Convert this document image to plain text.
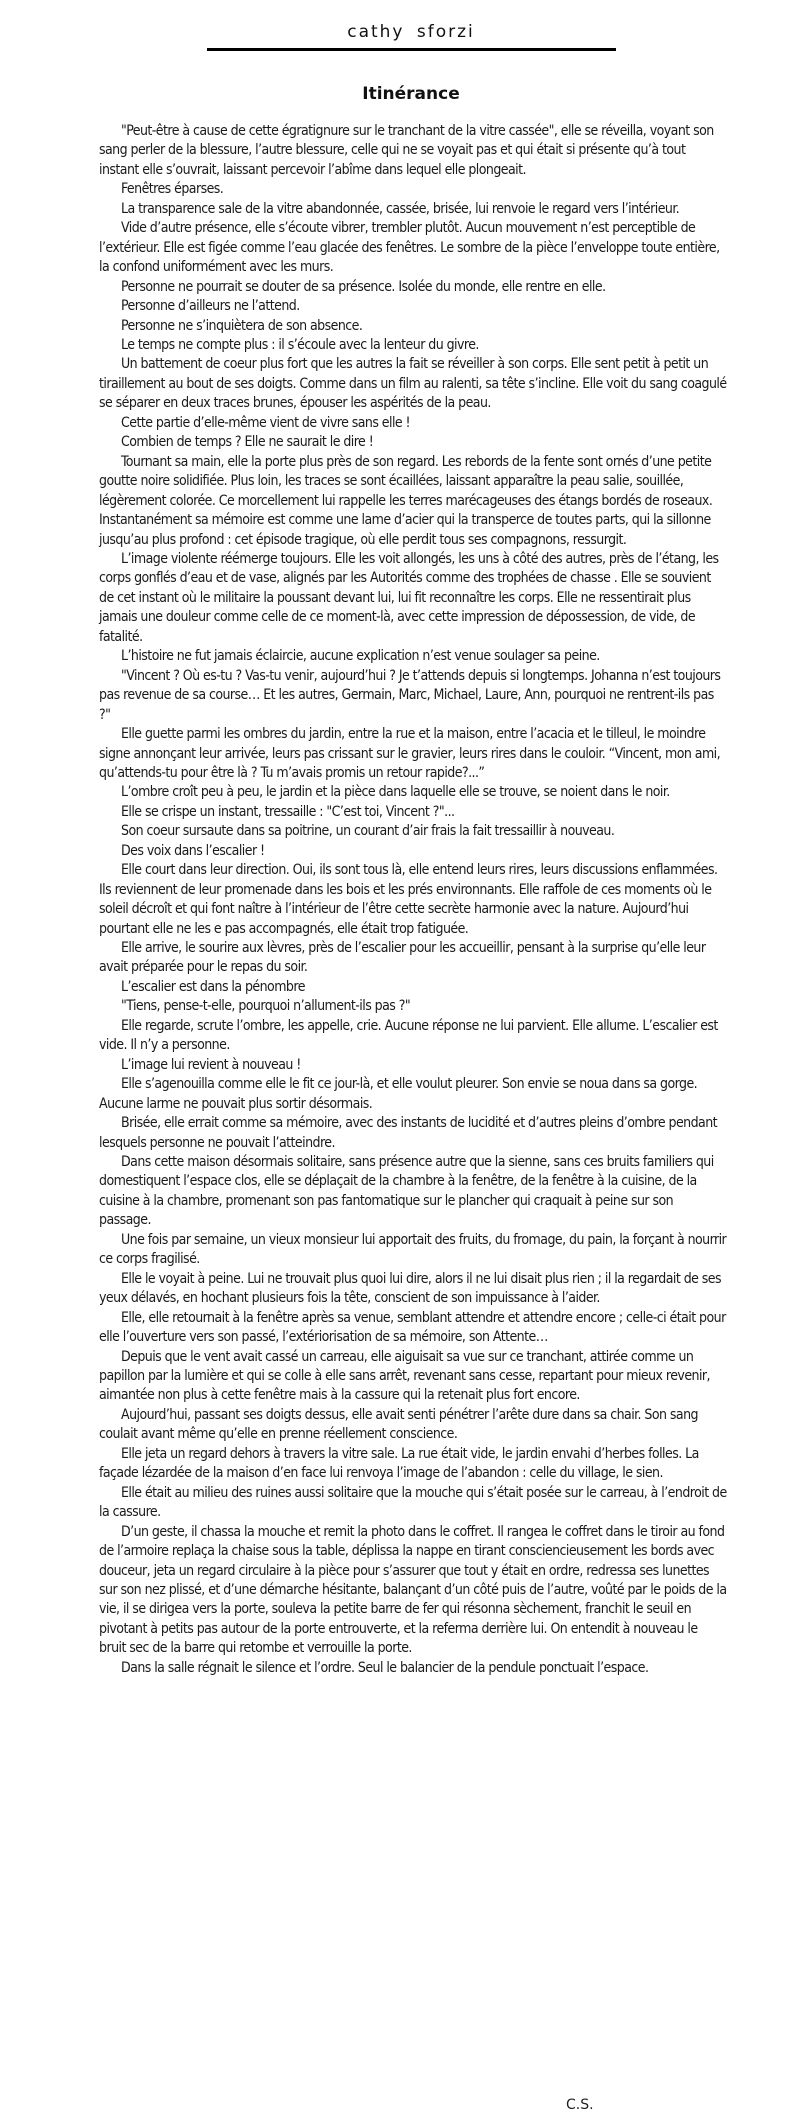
cathy sforzi
Itinérance

"Peut-être à cause de cette égratignure sur le tranchant de la vitre cassée", elle se réveilla, voyant son sang perler de la blessure, l’autre blessure, celle qui ne se voyait pas et qui était si présente qu’à tout instant elle s’ouvrait, laissant percevoir l’abîme dans lequel elle plongeait.

Fenêtres éparses.

La transparence sale de la vitre abandonnée, cassée, brisée, lui renvoie le regard vers l’intérieur.

Vide d’autre présence, elle s’écoute vibrer, trembler plutôt. Aucun mouvement n’est perceptible de l’extérieur. Elle est figée comme l’eau glacée des fenêtres. Le sombre de la pièce l’enveloppe toute entière, la confond uniformément avec les murs.

Personne ne pourrait se douter de sa présence. Isolée du monde, elle rentre en elle.

Personne d’ailleurs ne l’attend.

Personne ne s’inquiètera de son absence.

Le temps ne compte plus : il s’écoule avec la lenteur du givre.

Un battement de coeur plus fort que les autres la fait se réveiller à son corps. Elle sent petit à petit un tiraillement au bout de ses doigts. Comme dans un film au ralenti, sa tête s’incline. Elle voit du sang coagulé se séparer en deux traces brunes, épouser les aspérités de la peau.

Cette partie d’elle-même vient de vivre sans elle !

Combien de temps ? Elle ne saurait le dire !

Tournant sa main, elle la porte plus près de son regard. Les rebords de la fente sont ornés d’une petite goutte noire solidifiée. Plus loin, les traces se sont écaillées, laissant apparaître la peau salie, souillée, légèrement colorée. Ce morcellement lui rappelle les terres marécageuses des étangs bordés de roseaux. Instantanément sa mémoire est comme une lame d’acier qui la transperce de toutes parts, qui la sillonne jusqu’au plus profond : cet épisode tragique, où elle perdit tous ses compagnons, ressurgit.

L’image violente réémerge toujours. Elle les voit allongés, les uns à côté des autres, près de l’étang, les corps gonflés d’eau et de vase, alignés par les Autorités comme des trophées de chasse . Elle se souvient de cet instant où le militaire la poussant devant lui, lui fit reconnaître les corps. Elle ne ressentirait plus jamais une douleur comme celle de ce moment-là, avec cette impression de dépossession, de vide, de fatalité.

L’histoire ne fut jamais éclaircie, aucune explication n’est venue soulager sa peine.

"Vincent ? Où es-tu ? Vas-tu venir, aujourd’hui ? Je t’attends depuis si longtemps. Johanna n’est toujours pas revenue de sa course… Et les autres, Germain, Marc, Michael, Laure, Ann, pourquoi ne rentrent-ils pas ?"

Elle guette parmi les ombres du jardin, entre la rue et la maison, entre l’acacia et le tilleul, le moindre signe annonçant leur arrivée, leurs pas crissant sur le gravier, leurs rires dans le couloir. “Vincent, mon ami, qu’attends-tu pour être là ? Tu m’avais promis un retour rapide?...”

L’ombre croît peu à peu, le jardin et la pièce dans laquelle elle se trouve, se noient dans le noir.

Elle se crispe un instant, tressaille : "C’est toi, Vincent ?"...

Son coeur sursaute dans sa poitrine, un courant d’air frais la fait tressaillir à nouveau.

Des voix dans l’escalier !

Elle court dans leur direction. Oui, ils sont tous là, elle entend leurs rires, leurs discussions enflammées. Ils reviennent de leur promenade dans les bois et les prés environnants. Elle raffole de ces moments où le soleil décroît et qui font naître à l’intérieur de l’être cette secrète harmonie avec la nature. Aujourd’hui pourtant elle ne les e pas accompagnés, elle était trop fatiguée.

Elle arrive, le sourire aux lèvres, près de l’escalier pour les accueillir, pensant à la surprise qu’elle leur avait préparée pour le repas du soir.

L’escalier est dans la pénombre

"Tiens, pense-t-elle, pourquoi n’allument-ils pas ?"

Elle regarde, scrute l’ombre, les appelle, crie. Aucune réponse ne lui parvient. Elle allume. L’escalier est vide. Il n’y a personne.

L’image lui revient à nouveau !

Elle s’agenouilla comme elle le fit ce jour-là, et elle voulut pleurer. Son envie se noua dans sa gorge. Aucune larme ne pouvait plus sortir désormais.

Brisée, elle errait comme sa mémoire, avec des instants de lucidité et d’autres pleins d’ombre pendant lesquels personne ne pouvait l’atteindre.

Dans cette maison désormais solitaire, sans présence autre que la sienne, sans ces bruits familiers qui domestiquent l’espace clos, elle se déplaçait de la chambre à la fenêtre, de la fenêtre à la cuisine, de la cuisine à la chambre, promenant son pas fantomatique sur le plancher qui craquait à peine sur son passage.

Une fois par semaine, un vieux monsieur lui apportait des fruits, du fromage, du pain, la forçant à nourrir ce corps fragilisé.

Elle le voyait à peine. Lui ne trouvait plus quoi lui dire, alors il ne lui disait plus rien ; il la regardait de ses yeux délavés, en hochant plusieurs fois la tête, conscient de son impuissance à l’aider.

Elle, elle retournait à la fenêtre après sa venue, semblant attendre et attendre encore ; celle-ci était pour elle l’ouverture vers son passé, l’extériorisation de sa mémoire, son Attente…

Depuis que le vent avait cassé un carreau, elle aiguisait sa vue sur ce tranchant, attirée comme un papillon par la lumière et qui se colle à elle sans arrêt, revenant sans cesse, repartant pour mieux revenir, aimantée non plus à cette fenêtre mais à la cassure qui la retenait plus fort encore.

Aujourd’hui, passant ses doigts dessus, elle avait senti pénétrer l’arête dure dans sa chair. Son sang coulait avant même qu’elle en prenne réellement conscience.

Elle jeta un regard dehors à travers la vitre sale. La rue était vide, le jardin envahi d’herbes folles. La façade lézardée de la maison d’en face lui renvoya l’image de l’abandon : celle du village, le sien.

Elle était au milieu des ruines aussi solitaire que la mouche qui s’était posée sur le carreau, à l’endroit de la cassure.

D’un geste, il chassa la mouche et remit la photo dans le coffret. Il rangea le coffret dans le tiroir au fond de l’armoire replaça la chaise sous la table, déplissa la nappe en tirant consciencieusement les bords avec douceur, jeta un regard circulaire à la pièce pour s’assurer que tout y était en ordre, redressa ses lunettes sur son nez plissé, et d’une démarche hésitante, balançant d’un côté puis de l’autre, voûté par le poids de la vie, il se dirigea vers la porte, souleva la petite barre de fer qui résonna sèchement, franchit le seuil en pivotant à petits pas autour de la porte entrouverte, et la referma derrière lui. On entendit à nouveau le bruit sec de la barre qui retombe et verrouille la porte.

Dans la salle régnait le silence et l’ordre. Seul le balancier de la pendule ponctuait l’espace.

C.S.
